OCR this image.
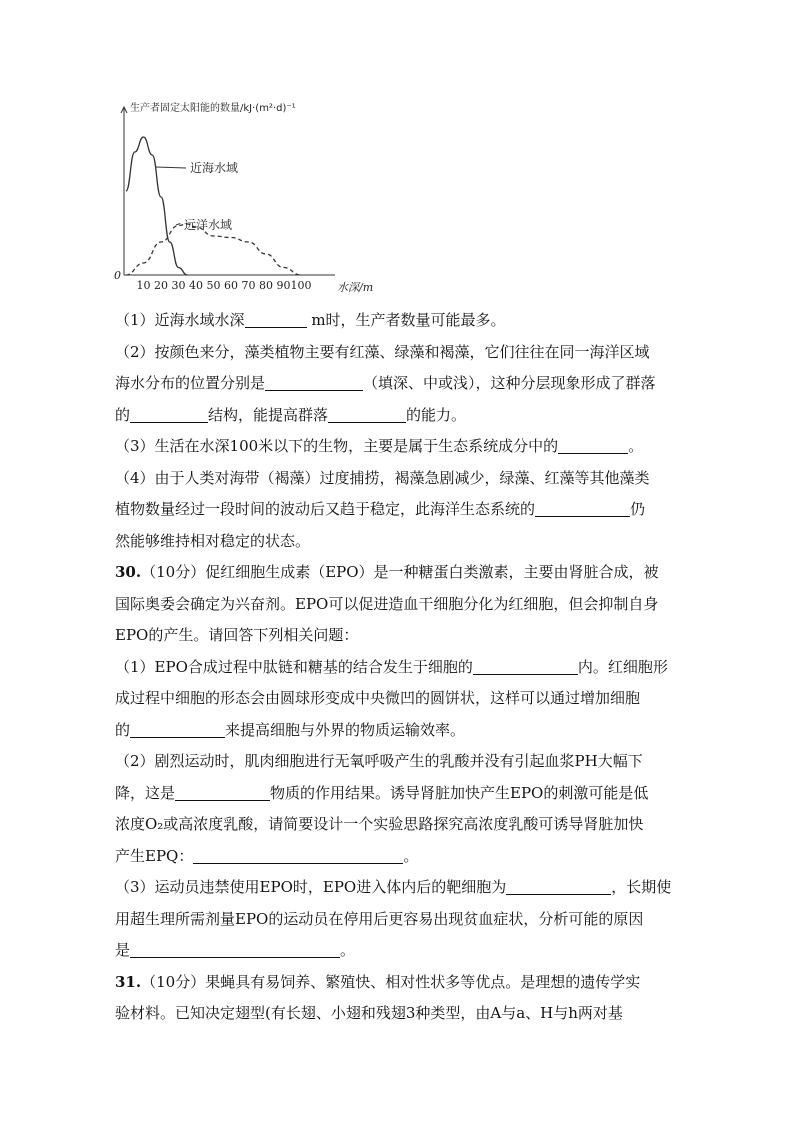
生产者固定太阳能的数量/kJ·(m²·d)⁻¹
0
10 20 30 40 50 60 70 80 90 100 水深/m
近海水域
远洋水域
（1）近海水域水深	m时，生产者数量可能最多。
（2）按颜色来分，藻类植物主要有红藻、绿藻和褐藻，它们往往在同一海洋区域
海水分布的位置分别是	（填深、中或浅），这种分层现象形成了群落
的	结构，能提高群落	的能力。
（3）生活在水深100米以下的生物，主要是属于生态系统成分中的	。
（4）由于人类对海带（褐藻）过度捕捞，褐藻急剧减少，绿藻、红藻等其他藻类
植物数量经过一段时间的波动后又趋于稳定，此海洋生态系统的	仍
然能够维持相对稳定的状态。
30.（10分）促红细胞生成素（EPO）是一种糖蛋白类激素，主要由肾脏合成，被
国际奥委会确定为兴奋剂。EPO可以促进造血干细胞分化为红细胞，但会抑制自身
EPO的产生。请回答下列相关问题：
（1）EPO合成过程中肽链和糖基的结合发生于细胞的	内。红细胞形
成过程中细胞的形态会由圆球形变成中央微凹的圆饼状，这样可以通过增加细胞
的	来提高细胞与外界的物质运输效率。
（2）剧烈运动时，肌肉细胞进行无氧呼吸产生的乳酸并没有引起血浆PH大幅下
降，这是	物质的作用结果。诱导肾脏加快产生EPO的刺激可能是低
浓度O₂或高浓度乳酸，请简要设计一个实验思路探究高浓度乳酸可诱导肾脏加快
产生EPQ：	。
（3）运动员违禁使用EPO时，EPO进入体内后的靶细胞为	，长期使
用超生理所需剂量EPO的运动员在停用后更容易出现贫血症状，分析可能的原因
是	。
31.（10分）果蝇具有易饲养、繁殖快、相对性状多等优点。是理想的遗传学实
验材料。已知决定翅型(有长翅、小翅和残翅3种类型，由A与a、H与h两对基
